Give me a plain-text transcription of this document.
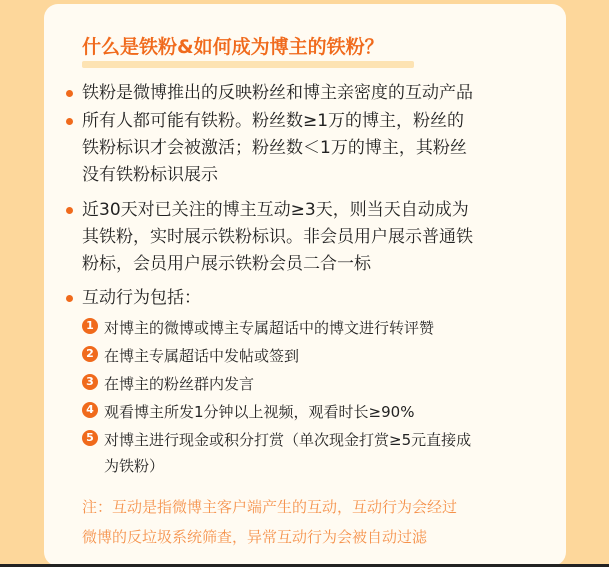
什么是铁粉&如何成为博主的铁粉？
铁粉是微博推出的反映粉丝和博主亲密度的互动产品
所有人都可能有铁粉。粉丝数≥1万的博主，粉丝的
铁粉标识才会被激活；粉丝数＜1万的博主，其粉丝
没有铁粉标识展示
近30天对已关注的博主互动≥3天，则当天自动成为
其铁粉，实时展示铁粉标识。非会员用户展示普通铁
粉标，会员用户展示铁粉会员二合一标
互动行为包括：
1 对博主的微博或博主专属超话中的博文进行转评赞
2 在博主专属超话中发帖或签到
3 在博主的粉丝群内发言
4 观看博主所发1分钟以上视频，观看时长≥90%
5 对博主进行现金或积分打赏（单次现金打赏≥5元直接成
为铁粉）
注：互动是指微博主客户端产生的互动，互动行为会经过
微博的反垃圾系统筛查，异常互动行为会被自动过滤
